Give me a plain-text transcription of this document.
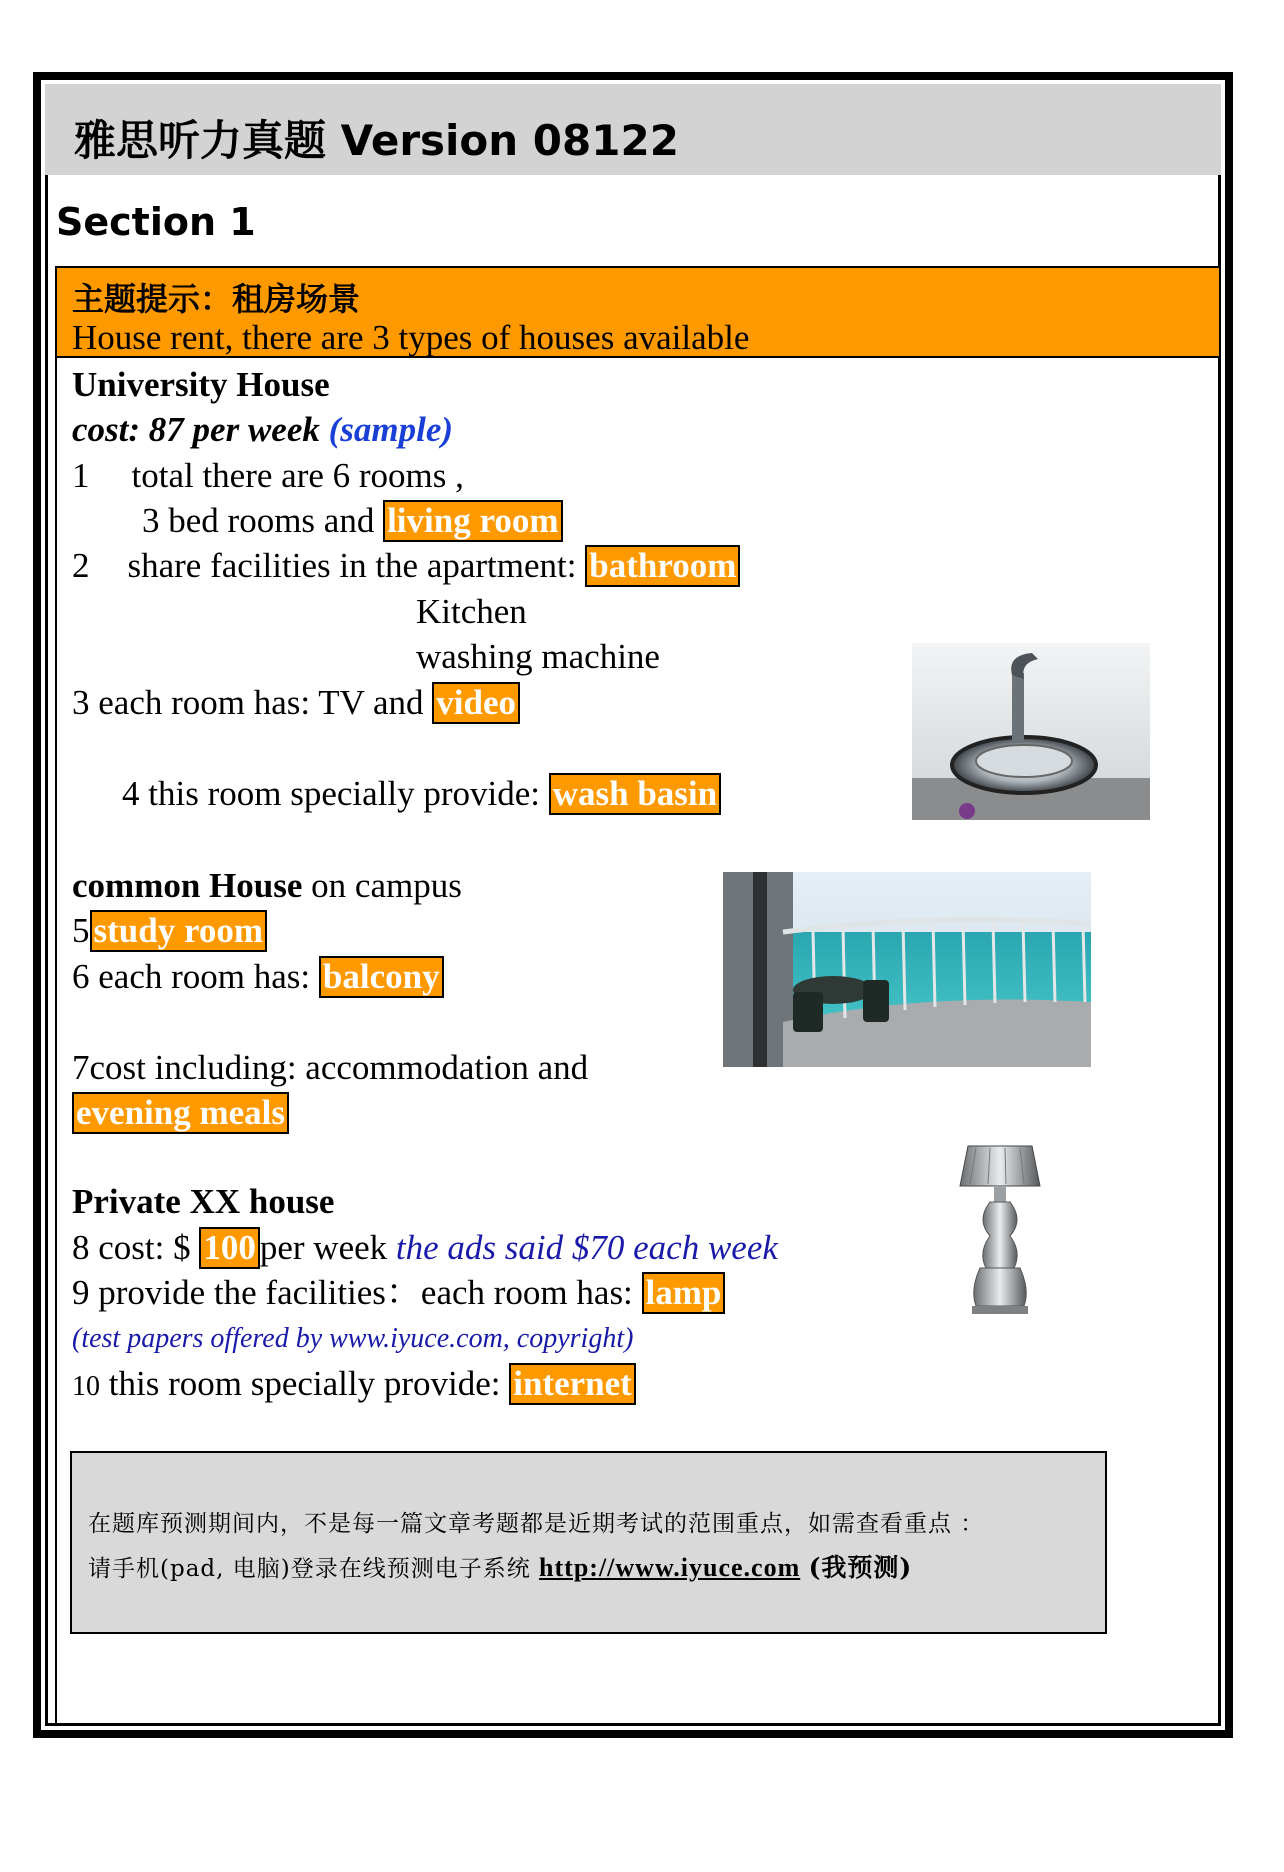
雅思听力真题 Version 08122
Section 1
主题提示：租房场景
House rent, there are 3 types of houses available
University House
cost: 87 per week (sample)
1 total there are 6 rooms ,
3 bed rooms and living room
2 share facilities in the apartment: bathroom
Kitchen
washing machine
3 each room has: TV and video
4 this room specially provide: wash basin
common House on campus
5 study room
6 each room has: balcony
7cost including: accommodation and
evening meals
Private XX house
8 cost: $ 100 per week the ads said $70 each week
9 provide the facilities：each room has: lamp
(test papers offered by www.iyuce.com, copyright)
10 this room specially provide: internet
在题库预测期间内，不是每一篇文章考题都是近期考试的范围重点，如需查看重点 ：
请手机(pad, 电脑)登录在线预测电子系统 http://www.iyuce.com (我预测)
